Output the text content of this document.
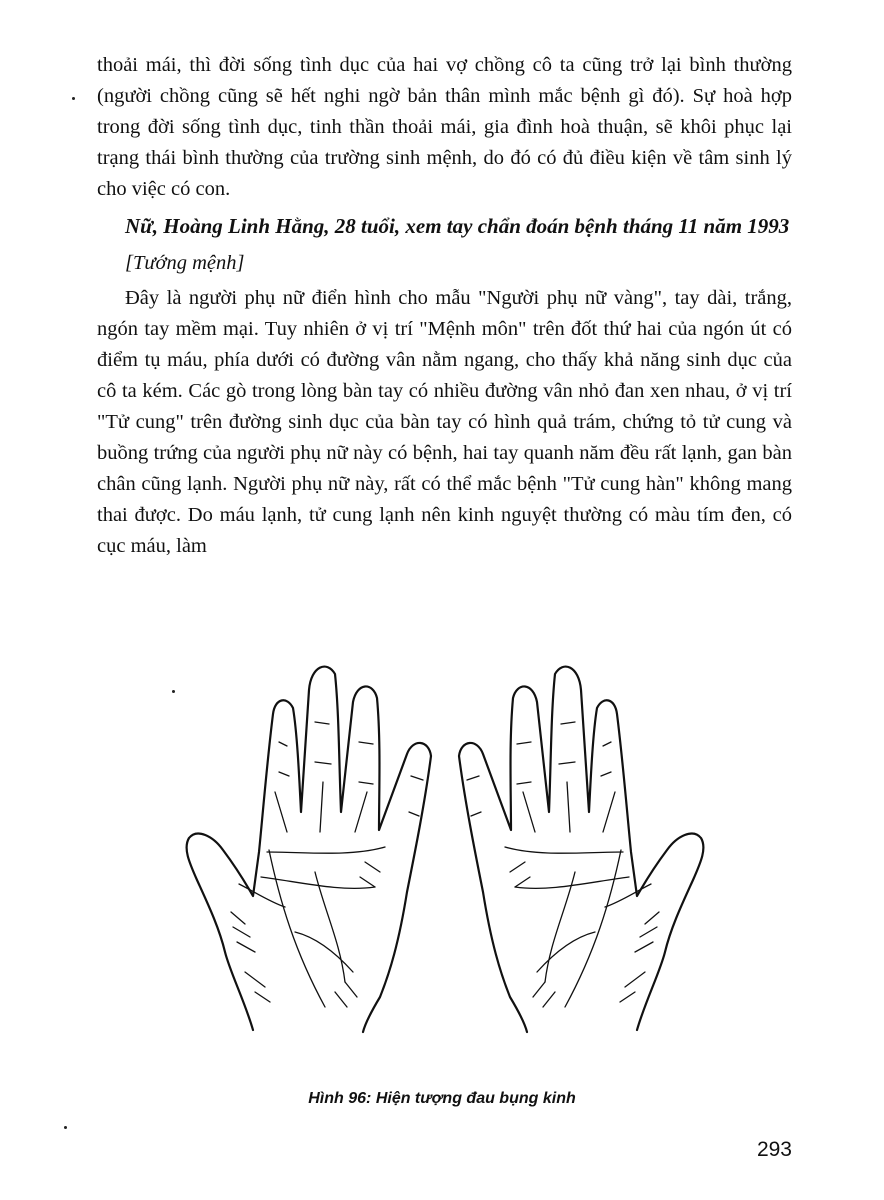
thoải mái, thì đời sống tình dục của hai vợ chồng cô ta cũng trở lại bình thường (người chồng cũng sẽ hết nghi ngờ bản thân mình mắc bệnh gì đó). Sự hoà hợp trong đời sống tình dục, tinh thần thoải mái, gia đình hoà thuận, sẽ khôi phục lại trạng thái bình thường của trường sinh mệnh, do đó có đủ điều kiện về tâm sinh lý cho việc có con.

Nữ, Hoàng Linh Hằng, 28 tuổi, xem tay chẩn đoán bệnh tháng 11 năm 1993

[Tướng mệnh]

Đây là người phụ nữ điển hình cho mẫu "Người phụ nữ vàng", tay dài, trắng, ngón tay mềm mại. Tuy nhiên ở vị trí "Mệnh môn" trên đốt thứ hai của ngón út có điểm tụ máu, phía dưới có đường vân nằm ngang, cho thấy khả năng sinh dục của cô ta kém. Các gò trong lòng bàn tay có nhiều đường vân nhỏ đan xen nhau, ở vị trí "Tử cung" trên đường sinh dục của bàn tay có hình quả trám, chứng tỏ tử cung và buồng trứng của người phụ nữ này có bệnh, hai tay quanh năm đều rất lạnh, gan bàn chân cũng lạnh. Người phụ nữ này, rất có thể mắc bệnh "Tử cung hàn" không mang thai được. Do máu lạnh, tử cung lạnh nên kinh nguyệt thường có màu tím đen, có cục máu, làm

Hình 96: Hiện tượng đau bụng kinh
293
